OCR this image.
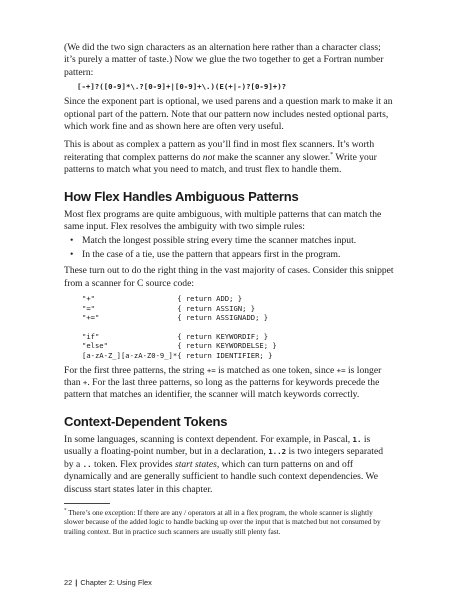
(We did the two sign characters as an alternation here rather than a character class; it’s purely a matter of taste.) Now we glue the two together to get a Fortran number pattern:

[-+]?([0-9]*\.?[0-9]+|[0-9]+\.)(E(+|-)?[0-9]+)?

Since the exponent part is optional, we used parens and a question mark to make it an optional part of the pattern. Note that our pattern now includes nested optional parts, which work fine and as shown here are often very useful.

This is about as complex a pattern as you’ll find in most flex scanners. It’s worth reiterating that complex patterns do not make the scanner any slower.* Write your patterns to match what you need to match, and trust flex to handle them.

How Flex Handles Ambiguous Patterns

Most flex programs are quite ambiguous, with multiple patterns that can match the same input. Flex resolves the ambiguity with two simple rules:

• Match the longest possible string every time the scanner matches input.
• In the case of a tie, use the pattern that appears first in the program.

These turn out to do the right thing in the vast majority of cases. Consider this snippet from a scanner for C source code:

"+"	{ return ADD; }
"="	{ return ASSIGN; }
"+="	{ return ASSIGNADD; }

"if"	{ return KEYWORDIF; }
"else"	{ return KEYWORDELSE; }
[a-zA-Z_][a-zA-Z0-9_]*	{ return IDENTIFIER; }

For the first three patterns, the string += is matched as one token, since += is longer than +. For the last three patterns, so long as the patterns for keywords precede the pattern that matches an identifier, the scanner will match keywords correctly.

Context-Dependent Tokens

In some languages, scanning is context dependent. For example, in Pascal, 1. is usually a floating-point number, but in a declaration, 1..2 is two integers separated by a .. token. Flex provides start states, which can turn patterns on and off dynamically and are generally sufficient to handle such context dependencies. We discuss start states later in this chapter.

* There’s one exception: If there are any / operators at all in a flex program, the whole scanner is slightly slower because of the added logic to handle backing up over the input that is matched but not consumed by trailing context. But in practice such scanners are usually still plenty fast.
22 | Chapter 2: Using Flex
